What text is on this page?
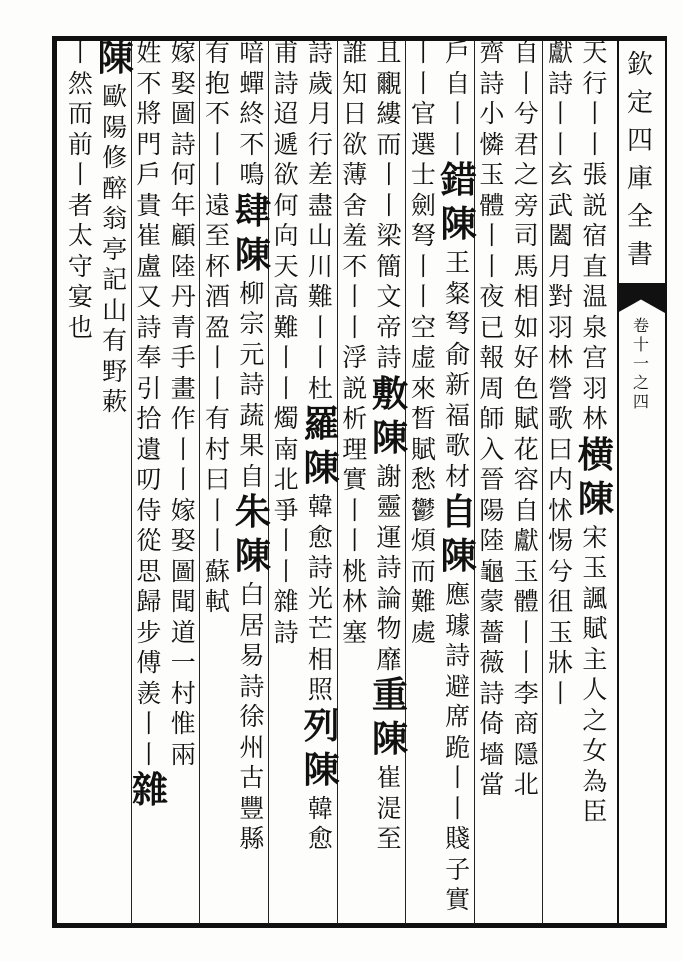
欽
定
四
庫
全
書
卷
十
一
之
四
天
行
丨
丨
張
説
宿
直
温
泉
宫
羽
林
横
陳
宋
玉
諷
賦
主
人
之
女
為
臣
獻
詩
丨
丨
玄
武
闔
月
對
羽
林
營
歌
曰
内
怵
惕
兮
徂
玉
牀
丨
自
丨
兮
君
之
旁
司
馬
相
如
好
色
賦
花
容
自
獻
玉
體
丨
丨
李
商
隱
北
齊
詩
小
憐
玉
體
丨
丨
夜
已
報
周
師
入
晉
陽
陸
龜
蒙
薔
薇
詩
倚
墻
當
戶
自
丨
丨
錯
陳
王
粲
弩
俞
新
福
歌
材
自
陳
應
璩
詩
避
席
跪
丨
丨
賤
子
實
丨
丨
官
選
士
劍
弩
丨
丨
空
虚
來
晳
賦
愁
鬱
煩
而
難
處
且
覼
縷
而
丨
丨
梁
簡
文
帝
詩
敷
陳
謝
靈
運
詩
論
物
靡
重
陳
崔
湜
至
誰
知
日
欲
薄
舍
羞
不
丨
丨
浮
説
析
理
實
丨
丨
桃
林
塞
詩
歲
月
行
差
盡
山
川
難
丨
丨
杜
羅
陳
韓
愈
詩
光
芒
相
照
列
陳
韓
愈
甫
詩
迢
遞
欲
何
向
天
高
難
丨
丨
燭
南
北
爭
丨
丨
雜
詩
喑
蟬
終
不
鳴
肆
陳
柳
宗
元
詩
蔬
果
自
朱
陳
白
居
易
詩
徐
州
古
豐
縣
有
抱
不
丨
丨
遠
至
杯
酒
盈
丨
丨
有
村
曰
丨
丨
蘇
軾
嫁
娶
圖
詩
何
年
顧
陸
丹
青
手
畫
作
丨
丨
嫁
娶
圖
聞
道
一
村
惟
兩
姓
不
將
門
戶
貴
崔
盧
又
詩
奉
引
拾
遺
叨
侍
從
思
歸
步
傅
羨
丨
丨
雜
陳
歐
陽
修
醉
翁
亭
記
山
有
野
蔌
丨
然
而
前
丨
者
太
守
宴
也
